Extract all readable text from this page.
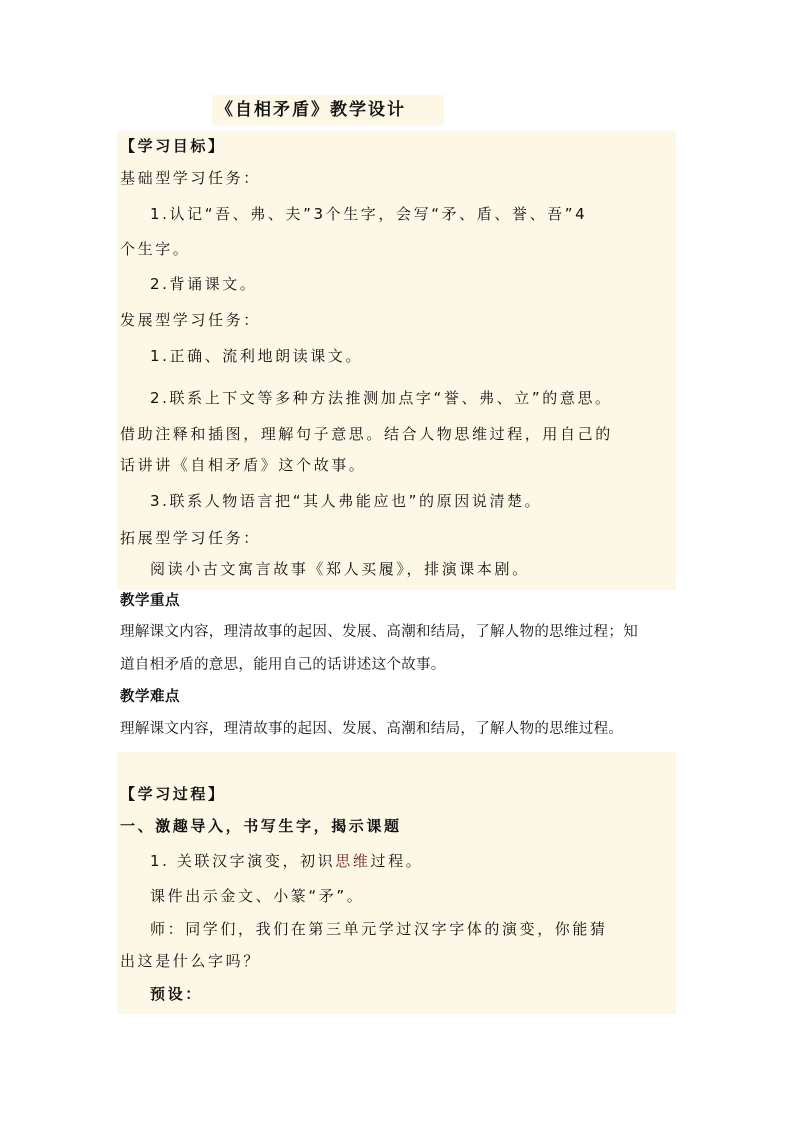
《自相矛盾》教学设计
【学习目标】
基础型学习任务：
1.认记“吾、弗、夫”3个生字，会写“矛、盾、誉、吾”4
个生字。
2.背诵课文。
发展型学习任务：
1.正确、流利地朗读课文。
2.联系上下文等多种方法推测加点字“誉、弗、立”的意思。
借助注释和插图，理解句子意思。结合人物思维过程，用自己的
话讲讲《自相矛盾》这个故事。
3.联系人物语言把“其人弗能应也”的原因说清楚。
拓展型学习任务：
阅读小古文寓言故事《郑人买履》，排演课本剧。
教学重点
理解课文内容，理清故事的起因、发展、高潮和结局，了解人物的思维过程；知
道自相矛盾的意思，能用自己的话讲述这个故事。
教学难点
理解课文内容，理清故事的起因、发展、高潮和结局，了解人物的思维过程。
【学习过程】
一、激趣导入，书写生字，揭示课题
1. 关联汉字演变，初识思维过程。
课件出示金文、小篆“矛”。
师：同学们，我们在第三单元学过汉字字体的演变，你能猜
出这是什么字吗？
预设：
